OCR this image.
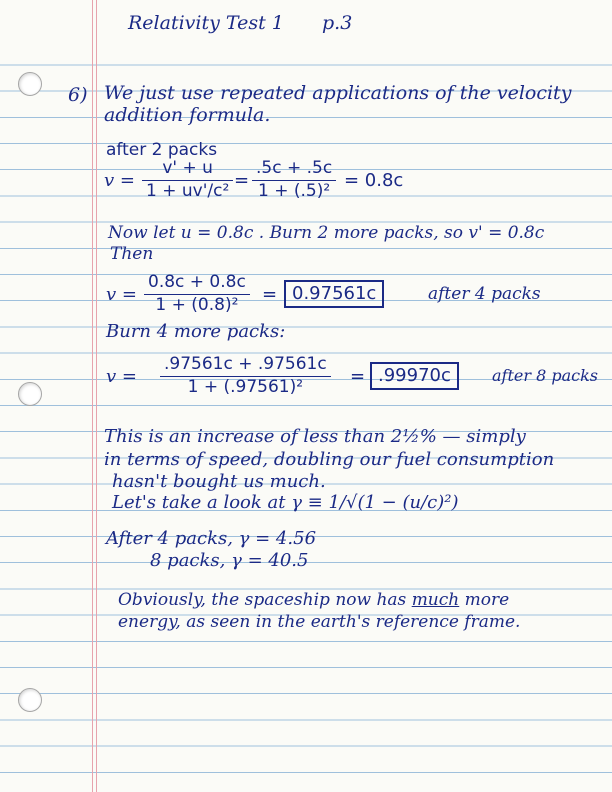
Relativity Test 1 p.3
6) We just use repeated applications of the velocity
addition formula.
after 2 packs
v =
v' + u
1 + uv'/c²
=
.5c + .5c
1 + (.5)²
= 0.8c
Now let u = 0.8c . Burn 2 more packs, so v' = 0.8c
Then
v =
0.8c + 0.8c
1 + (0.8)²
= 0.97561c	after 4 packs
Burn 4 more packs:
v =
.97561c + .97561c
1 + (.97561)²
= .99970c	after 8 packs
This is an increase of less than 2½% — simply
in terms of speed, doubling our fuel consumption
hasn't bought us much.
Let's take a look at γ ≡ 1/√(1 − (u/c)²)
After 4 packs, γ = 4.56
8 packs, γ = 40.5
Obviously, the spaceship now has much more
energy, as seen in the earth's reference frame.
